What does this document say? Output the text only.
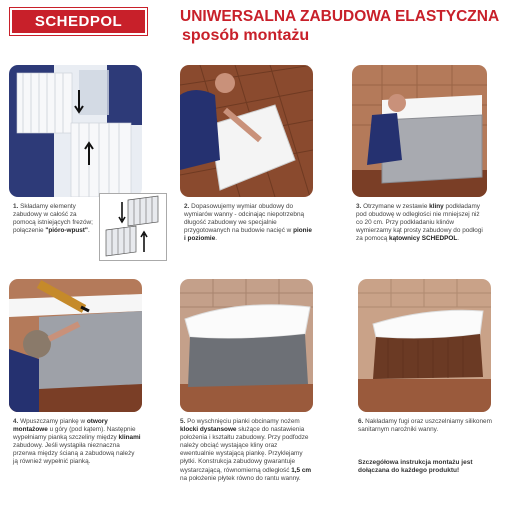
SCHEDPOL	UNIWERSALNA ZABUDOWA ELASTYCZNA
sposób montażu
1. Składamy elementy zabudowy w całość za pomocą istniejących frezów; połączenie "pióro-wpust".
2. Dopasowujemy wymiar obudowy do wymiarów wanny - odcinając niepotrzebną długość zabudowy we specjalnie przygotowanych na budowie nacięć w pionie i poziomie.
3. Otrzymane w zestawie kliny podkładamy pod obudowę w odległości nie mniejszej niż co 20 cm. Przy podkładaniu klinów wymierzamy kąt prosty zabudowy do podłogi za pomocą kątownicy SCHEDPOL.
4. Wpuszczamy piankę w otwory montażowe u góry (pod kątem). Następnie wypełniamy pianką szczeliny między klinami zabudowy. Jeśli wystąpiła nieznaczna przerwa między ścianą a zabudową należy ją również wypełnić pianką.
5. Po wyschnięciu pianki obcinamy nożem klocki dystansowe służące do nastawienia położenia i kształtu zabudowy. Przy podfodze należy obciąć wystające kliny oraz ewentualnie wystającą piankę. Przyklejamy płytki. Konstrukcja zabudowy gwarantuje wystarczającą, równomierną odległość 1,5 cm na położenie płytek równo do rantu wanny.
6. Nakładamy fugi oraz uszczelniamy silikonem sanitarnym narożniki wanny.
Szczegółowa instrukcja montażu jest dołączana do każdego produktu!
